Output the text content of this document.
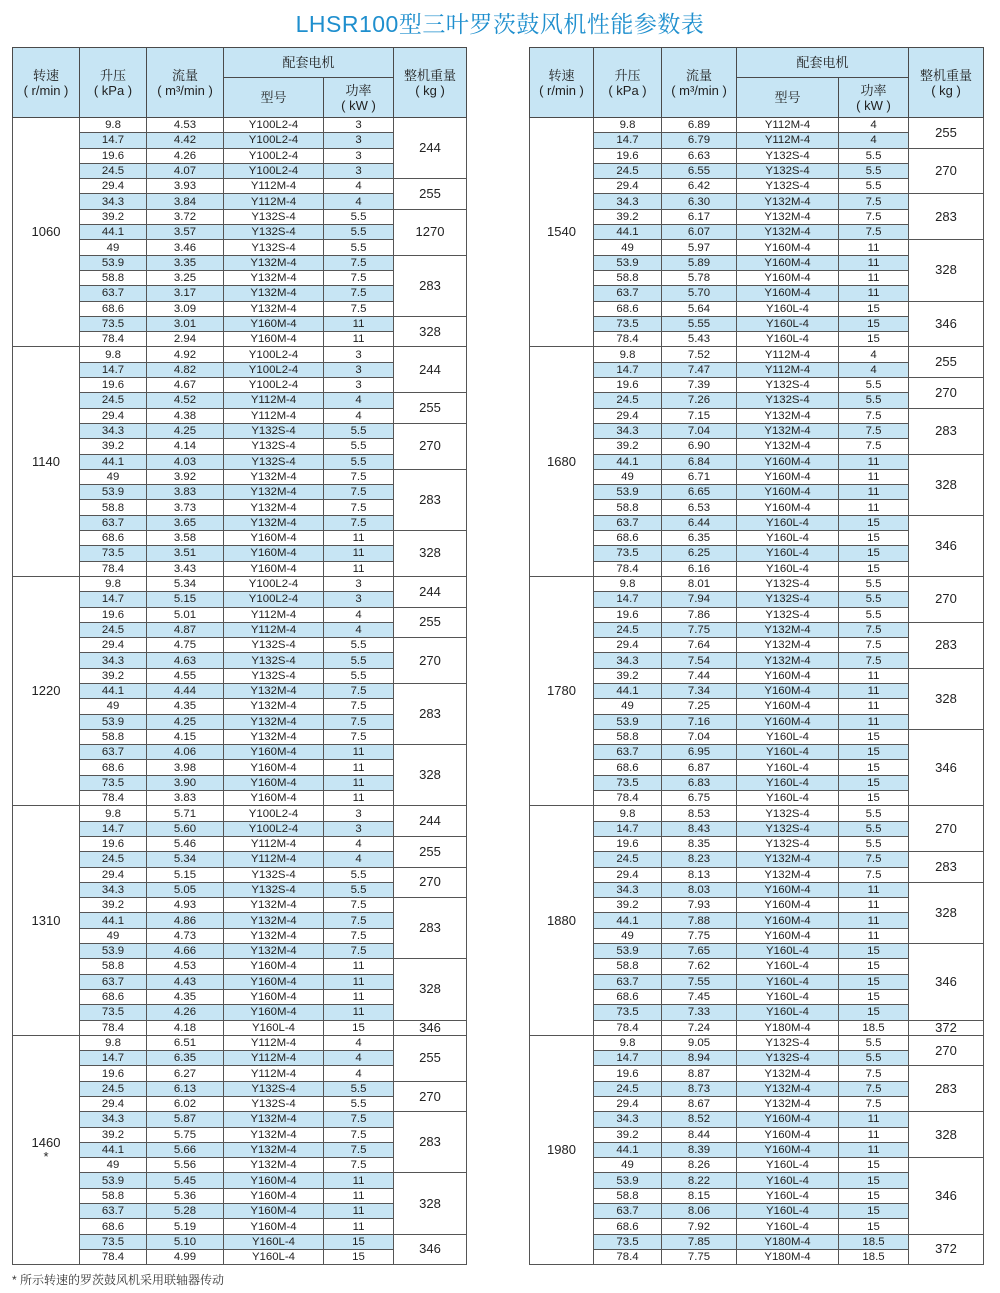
LHSR100型三叶罗茨鼓风机性能参数表
转速
( r/min )	升压
( kPa )	流量
( m³/min )	配套电机		整机重量
( kg )
			型号	功率
( kW )	
1060	9.8	4.53	Y100L2-4	3	244
	14.7	4.42	Y100L2-4	3	
	19.6	4.26	Y100L2-4	3	
	24.5	4.07	Y100L2-4	3	
	29.4	3.93	Y112M-4	4	255
	34.3	3.84	Y112M-4	4	
	39.2	3.72	Y132S-4	5.5	1270
	44.1	3.57	Y132S-4	5.5	
	49	3.46	Y132S-4	5.5	
	53.9	3.35	Y132M-4	7.5	283
	58.8	3.25	Y132M-4	7.5	
	63.7	3.17	Y132M-4	7.5	
	68.6	3.09	Y132M-4	7.5	
	73.5	3.01	Y160M-4	11	328
	78.4	2.94	Y160M-4	11	
1140	9.8	4.92	Y100L2-4	3	244
	14.7	4.82	Y100L2-4	3	
	19.6	4.67	Y100L2-4	3	
	24.5	4.52	Y112M-4	4	255
	29.4	4.38	Y112M-4	4	
	34.3	4.25	Y132S-4	5.5	270
	39.2	4.14	Y132S-4	5.5	
	44.1	4.03	Y132S-4	5.5	
	49	3.92	Y132M-4	7.5	283
	53.9	3.83	Y132M-4	7.5	
	58.8	3.73	Y132M-4	7.5	
	63.7	3.65	Y132M-4	7.5	
	68.6	3.58	Y160M-4	11	328
	73.5	3.51	Y160M-4	11	
	78.4	3.43	Y160M-4	11	
1220	9.8	5.34	Y100L2-4	3	244
	14.7	5.15	Y100L2-4	3	
	19.6	5.01	Y112M-4	4	255
	24.5	4.87	Y112M-4	4	
	29.4	4.75	Y132S-4	5.5	270
	34.3	4.63	Y132S-4	5.5	
	39.2	4.55	Y132S-4	5.5	
	44.1	4.44	Y132M-4	7.5	283
	49	4.35	Y132M-4	7.5	
	53.9	4.25	Y132M-4	7.5	
	58.8	4.15	Y132M-4	7.5	
	63.7	4.06	Y160M-4	11	328
	68.6	3.98	Y160M-4	11	
	73.5	3.90	Y160M-4	11	
	78.4	3.83	Y160M-4	11	
1310	9.8	5.71	Y100L2-4	3	244
	14.7	5.60	Y100L2-4	3	
	19.6	5.46	Y112M-4	4	255
	24.5	5.34	Y112M-4	4	
	29.4	5.15	Y132S-4	5.5	270
	34.3	5.05	Y132S-4	5.5	
	39.2	4.93	Y132M-4	7.5	283
	44.1	4.86	Y132M-4	7.5	
	49	4.73	Y132M-4	7.5	
	53.9	4.66	Y132M-4	7.5	
	58.8	4.53	Y160M-4	11	328
	63.7	4.43	Y160M-4	11	
	68.6	4.35	Y160M-4	11	
	73.5	4.26	Y160M-4	11	
	78.4	4.18	Y160L-4	15	346
1460
*	9.8	6.51	Y112M-4	4	255
	14.7	6.35	Y112M-4	4	
	19.6	6.27	Y112M-4	4	
	24.5	6.13	Y132S-4	5.5	270
	29.4	6.02	Y132S-4	5.5	
	34.3	5.87	Y132M-4	7.5	283
	39.2	5.75	Y132M-4	7.5	
	44.1	5.66	Y132M-4	7.5	
	49	5.56	Y132M-4	7.5	
	53.9	5.45	Y160M-4	11	328
	58.8	5.36	Y160M-4	11	
	63.7	5.28	Y160M-4	11	
	68.6	5.19	Y160M-4	11	
	73.5	5.10	Y160L-4	15	346
	78.4	4.99	Y160L-4	15	
转速
( r/min )	升压
( kPa )	流量
( m³/min )	配套电机		整机重量
( kg )
			型号	功率
( kW )	
1540	9.8	6.89	Y112M-4	4	255
	14.7	6.79	Y112M-4	4	
	19.6	6.63	Y132S-4	5.5	270
	24.5	6.55	Y132S-4	5.5	
	29.4	6.42	Y132S-4	5.5	
	34.3	6.30	Y132M-4	7.5	283
	39.2	6.17	Y132M-4	7.5	
	44.1	6.07	Y132M-4	7.5	
	49	5.97	Y160M-4	11	328
	53.9	5.89	Y160M-4	11	
	58.8	5.78	Y160M-4	11	
	63.7	5.70	Y160M-4	11	
	68.6	5.64	Y160L-4	15	346
	73.5	5.55	Y160L-4	15	
	78.4	5.43	Y160L-4	15	
1680	9.8	7.52	Y112M-4	4	255
	14.7	7.47	Y112M-4	4	
	19.6	7.39	Y132S-4	5.5	270
	24.5	7.26	Y132S-4	5.5	
	29.4	7.15	Y132M-4	7.5	283
	34.3	7.04	Y132M-4	7.5	
	39.2	6.90	Y132M-4	7.5	
	44.1	6.84	Y160M-4	11	328
	49	6.71	Y160M-4	11	
	53.9	6.65	Y160M-4	11	
	58.8	6.53	Y160M-4	11	
	63.7	6.44	Y160L-4	15	346
	68.6	6.35	Y160L-4	15	
	73.5	6.25	Y160L-4	15	
	78.4	6.16	Y160L-4	15	
1780	9.8	8.01	Y132S-4	5.5	270
	14.7	7.94	Y132S-4	5.5	
	19.6	7.86	Y132S-4	5.5	
	24.5	7.75	Y132M-4	7.5	283
	29.4	7.64	Y132M-4	7.5	
	34.3	7.54	Y132M-4	7.5	
	39.2	7.44	Y160M-4	11	328
	44.1	7.34	Y160M-4	11	
	49	7.25	Y160M-4	11	
	53.9	7.16	Y160M-4	11	
	58.8	7.04	Y160L-4	15	346
	63.7	6.95	Y160L-4	15	
	68.6	6.87	Y160L-4	15	
	73.5	6.83	Y160L-4	15	
	78.4	6.75	Y160L-4	15	
1880	9.8	8.53	Y132S-4	5.5	270
	14.7	8.43	Y132S-4	5.5	
	19.6	8.35	Y132S-4	5.5	
	24.5	8.23	Y132M-4	7.5	283
	29.4	8.13	Y132M-4	7.5	
	34.3	8.03	Y160M-4	11	328
	39.2	7.93	Y160M-4	11	
	44.1	7.88	Y160M-4	11	
	49	7.75	Y160M-4	11	
	53.9	7.65	Y160L-4	15	346
	58.8	7.62	Y160L-4	15	
	63.7	7.55	Y160L-4	15	
	68.6	7.45	Y160L-4	15	
	73.5	7.33	Y160L-4	15	
	78.4	7.24	Y180M-4	18.5	372
1980	9.8	9.05	Y132S-4	5.5	270
	14.7	8.94	Y132S-4	5.5	
	19.6	8.87	Y132M-4	7.5	283
	24.5	8.73	Y132M-4	7.5	
	29.4	8.67	Y132M-4	7.5	
	34.3	8.52	Y160M-4	11	328
	39.2	8.44	Y160M-4	11	
	44.1	8.39	Y160M-4	11	
	49	8.26	Y160L-4	15	346
	53.9	8.22	Y160L-4	15	
	58.8	8.15	Y160L-4	15	
	63.7	8.06	Y160L-4	15	
	68.6	7.92	Y160L-4	15	
	73.5	7.85	Y180M-4	18.5	372
	78.4	7.75	Y180M-4	18.5	
* 所示转速的罗茨鼓风机采用联轴器传动
